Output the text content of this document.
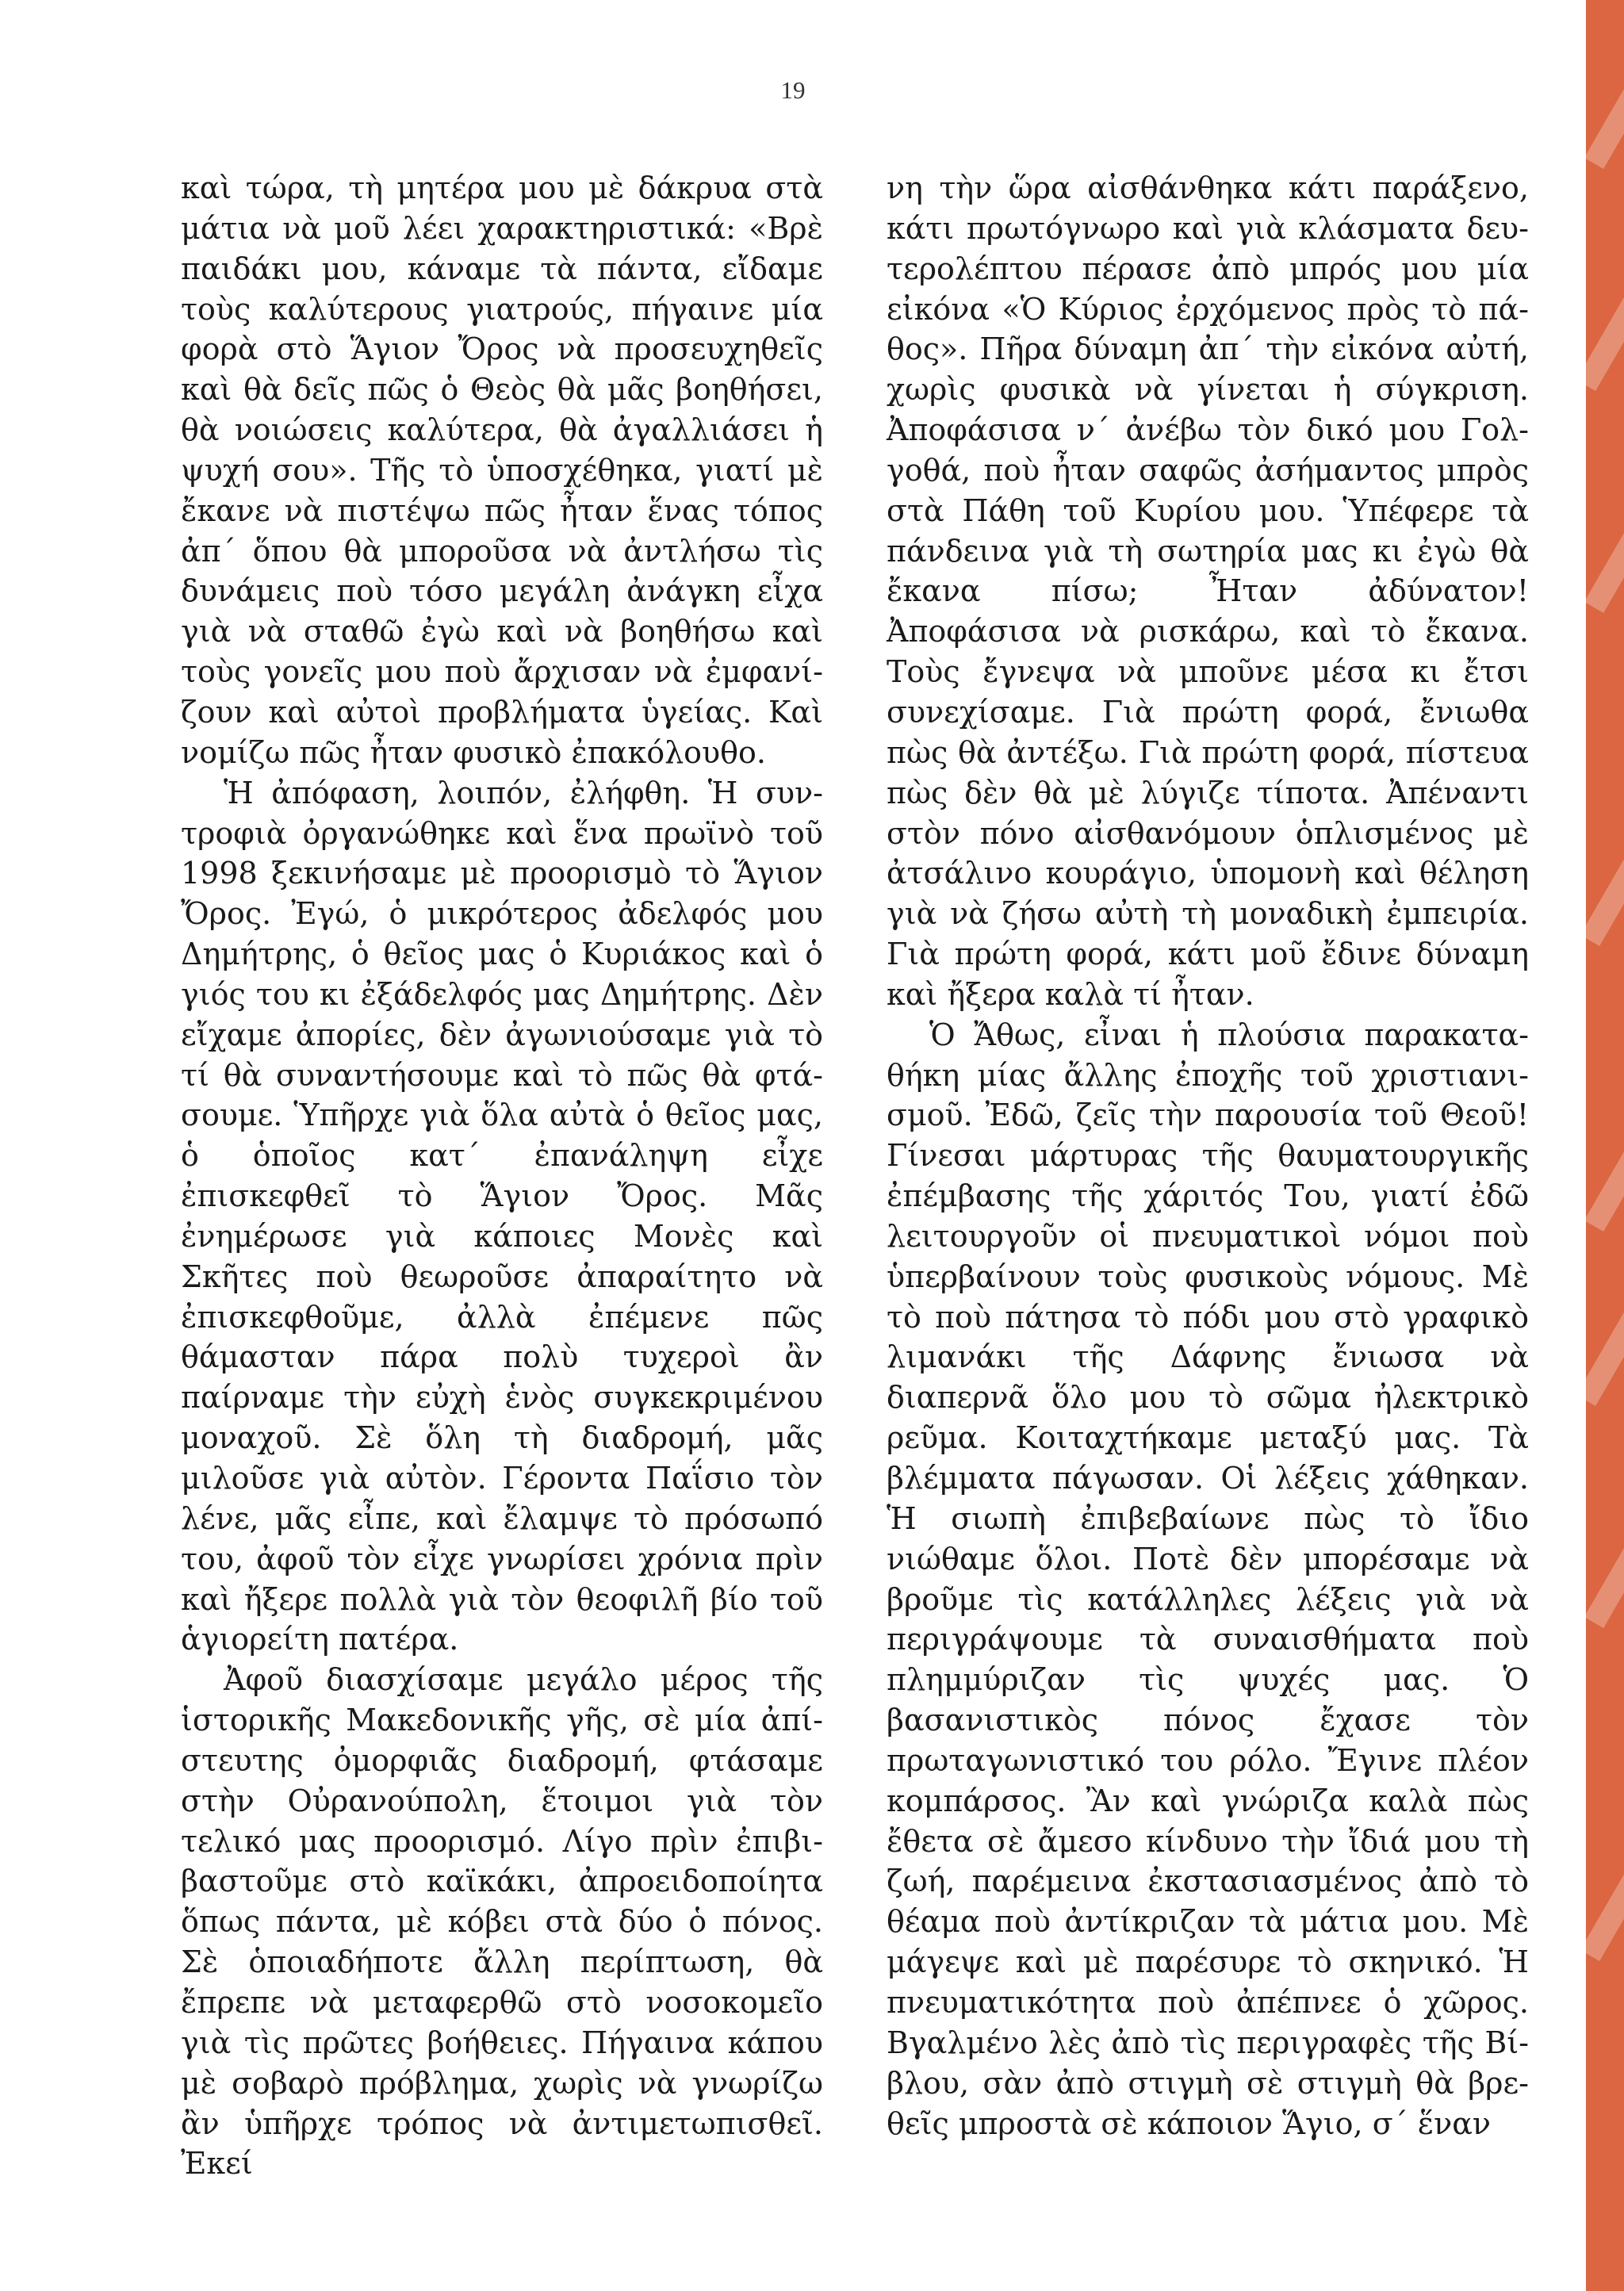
19

καὶ τώρα, τὴ μητέρα μου μὲ δάκρυα στὰ μάτια νὰ μοῦ λέει χαρακτηριστικά: «Βρὲ παιδάκι μου, κάναμε τὰ πάντα, εἴδαμε τοὺς καλύτερους γιατρούς, πήγαινε μία φορὰ στὸ Ἅγιον Ὄρος νὰ προσευχηθεῖς καὶ θὰ δεῖς πῶς ὁ Θεὸς θὰ μᾶς βοηθήσει, θὰ νοιώσεις καλύτερα, θὰ ἀγαλλιάσει ἡ ψυχή σου». Τῆς τὸ ὑποσχέθηκα, γιατί μὲ ἔκανε νὰ πιστέψω πῶς ἦταν ἕνας τόπος ἀπ΄ ὅπου θὰ μποροῦσα νὰ ἀντλήσω τὶς δυνάμεις ποὺ τόσο μεγάλη ἀνάγκη εἶχα γιὰ νὰ σταθῶ ἐγὼ καὶ νὰ βοηθήσω καὶ τοὺς γονεῖς μου ποὺ ἄρχισαν νὰ ἐμφανίζουν καὶ αὐτοὶ προβλήματα ὑγείας. Καὶ νομίζω πῶς ἦταν φυσικὸ ἐπακόλουθο.

Ἡ ἀπόφαση, λοιπόν, ἐλήφθη. Ἡ συντροφιὰ ὀργανώθηκε καὶ ἕνα πρωϊνὸ τοῦ 1998 ξεκινήσαμε μὲ προορισμὸ τὸ Ἅγιον Ὄρος. Ἐγώ, ὁ μικρότερος ἀδελφός μου Δημήτρης, ὁ θεῖος μας ὁ Κυριάκος καὶ ὁ γιός του κι ἐξάδελφός μας Δημήτρης. Δὲν εἴχαμε ἀπορίες, δὲν ἀγωνιούσαμε γιὰ τὸ τί θὰ συναντήσουμε καὶ τὸ πῶς θὰ φτάσουμε. Ὑπῆρχε γιὰ ὅλα αὐτὰ ὁ θεῖος μας, ὁ ὁποῖος κατ΄ ἐπανάληψη εἶχε ἐπισκεφθεῖ τὸ Ἅγιον Ὄρος. Μᾶς ἐνημέρωσε γιὰ κάποιες Μονὲς καὶ Σκῆτες ποὺ θεωροῦσε ἀπαραίτητο νὰ ἐπισκεφθοῦμε, ἀλλὰ ἐπέμενε πῶς θάμασταν πάρα πολὺ τυχεροὶ ἂν παίρναμε τὴν εὐχὴ ἑνὸς συγκεκριμένου μοναχοῦ. Σὲ ὅλη τὴ διαδρομή, μᾶς μιλοῦσε γιὰ αὐτὸν. Γέροντα Παΐσιο τὸν λένε, μᾶς εἶπε, καὶ ἔλαμψε τὸ πρόσωπό του, ἀφοῦ τὸν εἶχε γνωρίσει χρόνια πρὶν καὶ ἤξερε πολλὰ γιὰ τὸν θεοφιλῆ βίο τοῦ ἁγιορείτη πατέρα.

Ἀφοῦ διασχίσαμε μεγάλο μέρος τῆς ἱστορικῆς Μακεδονικῆς γῆς, σὲ μία ἀπίστευτης ὀμορφιᾶς διαδρομή, φτάσαμε στὴν Οὐρανούπολη, ἕτοιμοι γιὰ τὸν τελικό μας προορισμό. Λίγο πρὶν ἐπιβιβαστοῦμε στὸ καϊκάκι, ἀπροειδοποίητα ὅπως πάντα, μὲ κόβει στὰ δύο ὁ πόνος. Σὲ ὁποιαδήποτε ἄλλη περίπτωση, θὰ ἔπρεπε νὰ μεταφερθῶ στὸ νοσοκομεῖο γιὰ τὶς πρῶτες βοήθειες. Πήγαινα κάπου μὲ σοβαρὸ πρόβλημα, χωρὶς νὰ γνωρίζω ἂν ὑπῆρχε τρόπος νὰ ἀντιμετωπισθεῖ. Ἐκεί

νη τὴν ὥρα αἰσθάνθηκα κάτι παράξενο, κάτι πρωτόγνωρο καὶ γιὰ κλάσματα δευτερολέπτου πέρασε ἀπὸ μπρός μου μία εἰκόνα «Ὁ Κύριος ἐρχόμενος πρὸς τὸ πάθος». Πῆρα δύναμη ἀπ΄ τὴν εἰκόνα αὐτή, χωρὶς φυσικὰ νὰ γίνεται ἡ σύγκριση. Ἀποφάσισα ν΄ ἀνέβω τὸν δικό μου Γολγοθά, ποὺ ἦταν σαφῶς ἀσήμαντος μπρὸς στὰ Πάθη τοῦ Κυρίου μου. Ὑπέφερε τὰ πάνδεινα γιὰ τὴ σωτηρία μας κι ἐγὼ θὰ ἔκανα πίσω; Ἦταν ἀδύνατον! Ἀποφάσισα νὰ ρισκάρω, καὶ τὸ ἔκανα. Τοὺς ἔγνεψα νὰ μποῦνε μέσα κι ἔτσι συνεχίσαμε. Γιὰ πρώτη φορά, ἔνιωθα πὼς θὰ ἀντέξω. Γιὰ πρώτη φορά, πίστευα πὼς δὲν θὰ μὲ λύγιζε τίποτα. Ἀπέναντι στὸν πόνο αἰσθανόμουν ὁπλισμένος μὲ ἀτσάλινο κουράγιο, ὑπομονὴ καὶ θέληση γιὰ νὰ ζήσω αὐτὴ τὴ μοναδικὴ ἐμπειρία. Γιὰ πρώτη φορά, κάτι μοῦ ἔδινε δύναμη καὶ ἤξερα καλὰ τί ἦταν.

Ὁ Ἄθως, εἶναι ἡ πλούσια παρακαταθήκη μίας ἄλλης ἐποχῆς τοῦ χριστιανισμοῦ. Ἐδῶ, ζεῖς τὴν παρουσία τοῦ Θεοῦ! Γίνεσαι μάρτυρας τῆς θαυματουργικῆς ἐπέμβασης τῆς χάριτός Του, γιατί ἐδῶ λειτουργοῦν οἱ πνευματικοὶ νόμοι ποὺ ὑπερβαίνουν τοὺς φυσικοὺς νόμους. Μὲ τὸ ποὺ πάτησα τὸ πόδι μου στὸ γραφικὸ λιμανάκι τῆς Δάφνης ἔνιωσα νὰ διαπερνᾶ ὅλο μου τὸ σῶμα ἠλεκτρικὸ ρεῦμα. Κοιταχτήκαμε μεταξύ μας. Τὰ βλέμματα πάγωσαν. Οἱ λέξεις χάθηκαν. Ἡ σιωπὴ ἐπιβεβαίωνε πὼς τὸ ἴδιο νιώθαμε ὅλοι. Ποτὲ δὲν μπορέσαμε νὰ βροῦμε τὶς κατάλληλες λέξεις γιὰ νὰ περιγράψουμε τὰ συναισθήματα ποὺ πλημμύριζαν τὶς ψυχές μας. Ὁ βασανιστικὸς πόνος ἔχασε τὸν πρωταγωνιστικό του ρόλο. Ἔγινε πλέον κομπάρσος. Ἂν καὶ γνώριζα καλὰ πὼς ἔθετα σὲ ἄμεσο κίνδυνο τὴν ἴδιά μου τὴ ζωή, παρέμεινα ἐκστασιασμένος ἀπὸ τὸ θέαμα ποὺ ἀντίκριζαν τὰ μάτια μου. Μὲ μάγεψε καὶ μὲ παρέσυρε τὸ σκηνικό. Ἡ πνευματικότητα ποὺ ἀπέπνεε ὁ χῶρος. Βγαλμένο λὲς ἀπὸ τὶς περιγραφὲς τῆς Βίβλου, σὰν ἀπὸ στιγμὴ σὲ στιγμὴ θὰ βρεθεῖς μπροστὰ σὲ κάποιον Ἅγιο, σ΄ ἕναν
